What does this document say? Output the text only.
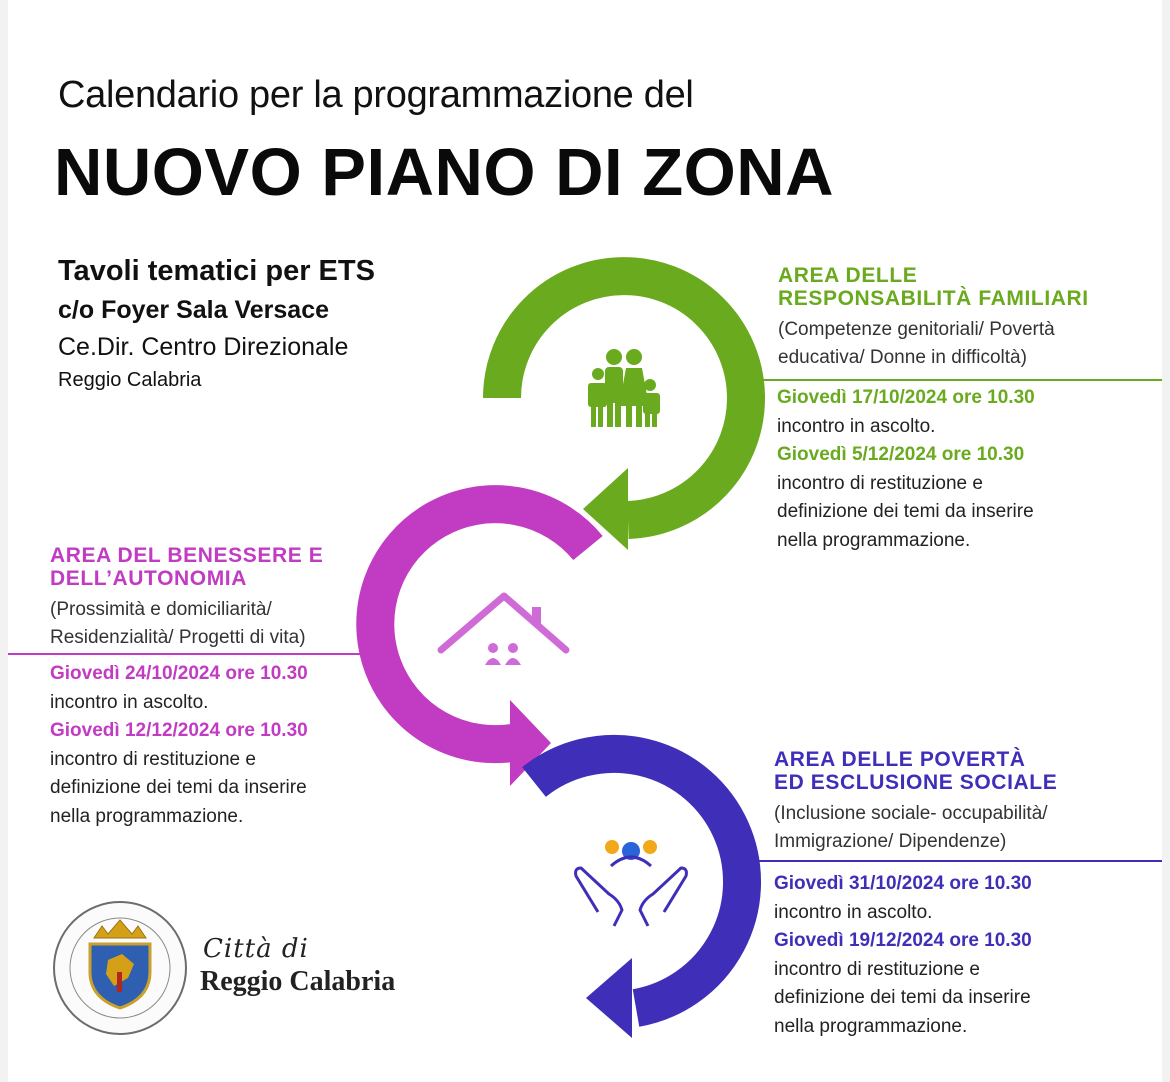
Calendario per la programmazione del
NUOVO PIANO DI ZONA
Tavoli tematici per ETS
c/o Foyer Sala Versace
Ce.Dir. Centro Direzionale
Reggio Calabria
AREA DELLE
RESPONSABILITÀ FAMILIARI
(Competenze genitoriali/ Povertà
educativa/ Donne in difficoltà)
Giovedì 17/10/2024 ore 10.30
incontro in ascolto.
Giovedì 5/12/2024 ore 10.30
incontro di restituzione e
definizione dei temi da inserire
nella programmazione.
AREA DEL BENESSERE E
DELL’AUTONOMIA
(Prossimità e domiciliarità/
Residenzialità/ Progetti di vita)
Giovedì 24/10/2024 ore 10.30
incontro in ascolto.
Giovedì 12/12/2024 ore 10.30
incontro di restituzione e
definizione dei temi da inserire
nella programmazione.
AREA DELLE POVERTÀ
ED ESCLUSIONE SOCIALE
(Inclusione sociale- occupabilità/
Immigrazione/ Dipendenze)
Giovedì 31/10/2024 ore 10.30
incontro in ascolto.
Giovedì 19/12/2024 ore 10.30
incontro di restituzione e
definizione dei temi da inserire
nella programmazione.
Città di
Reggio Calabria
